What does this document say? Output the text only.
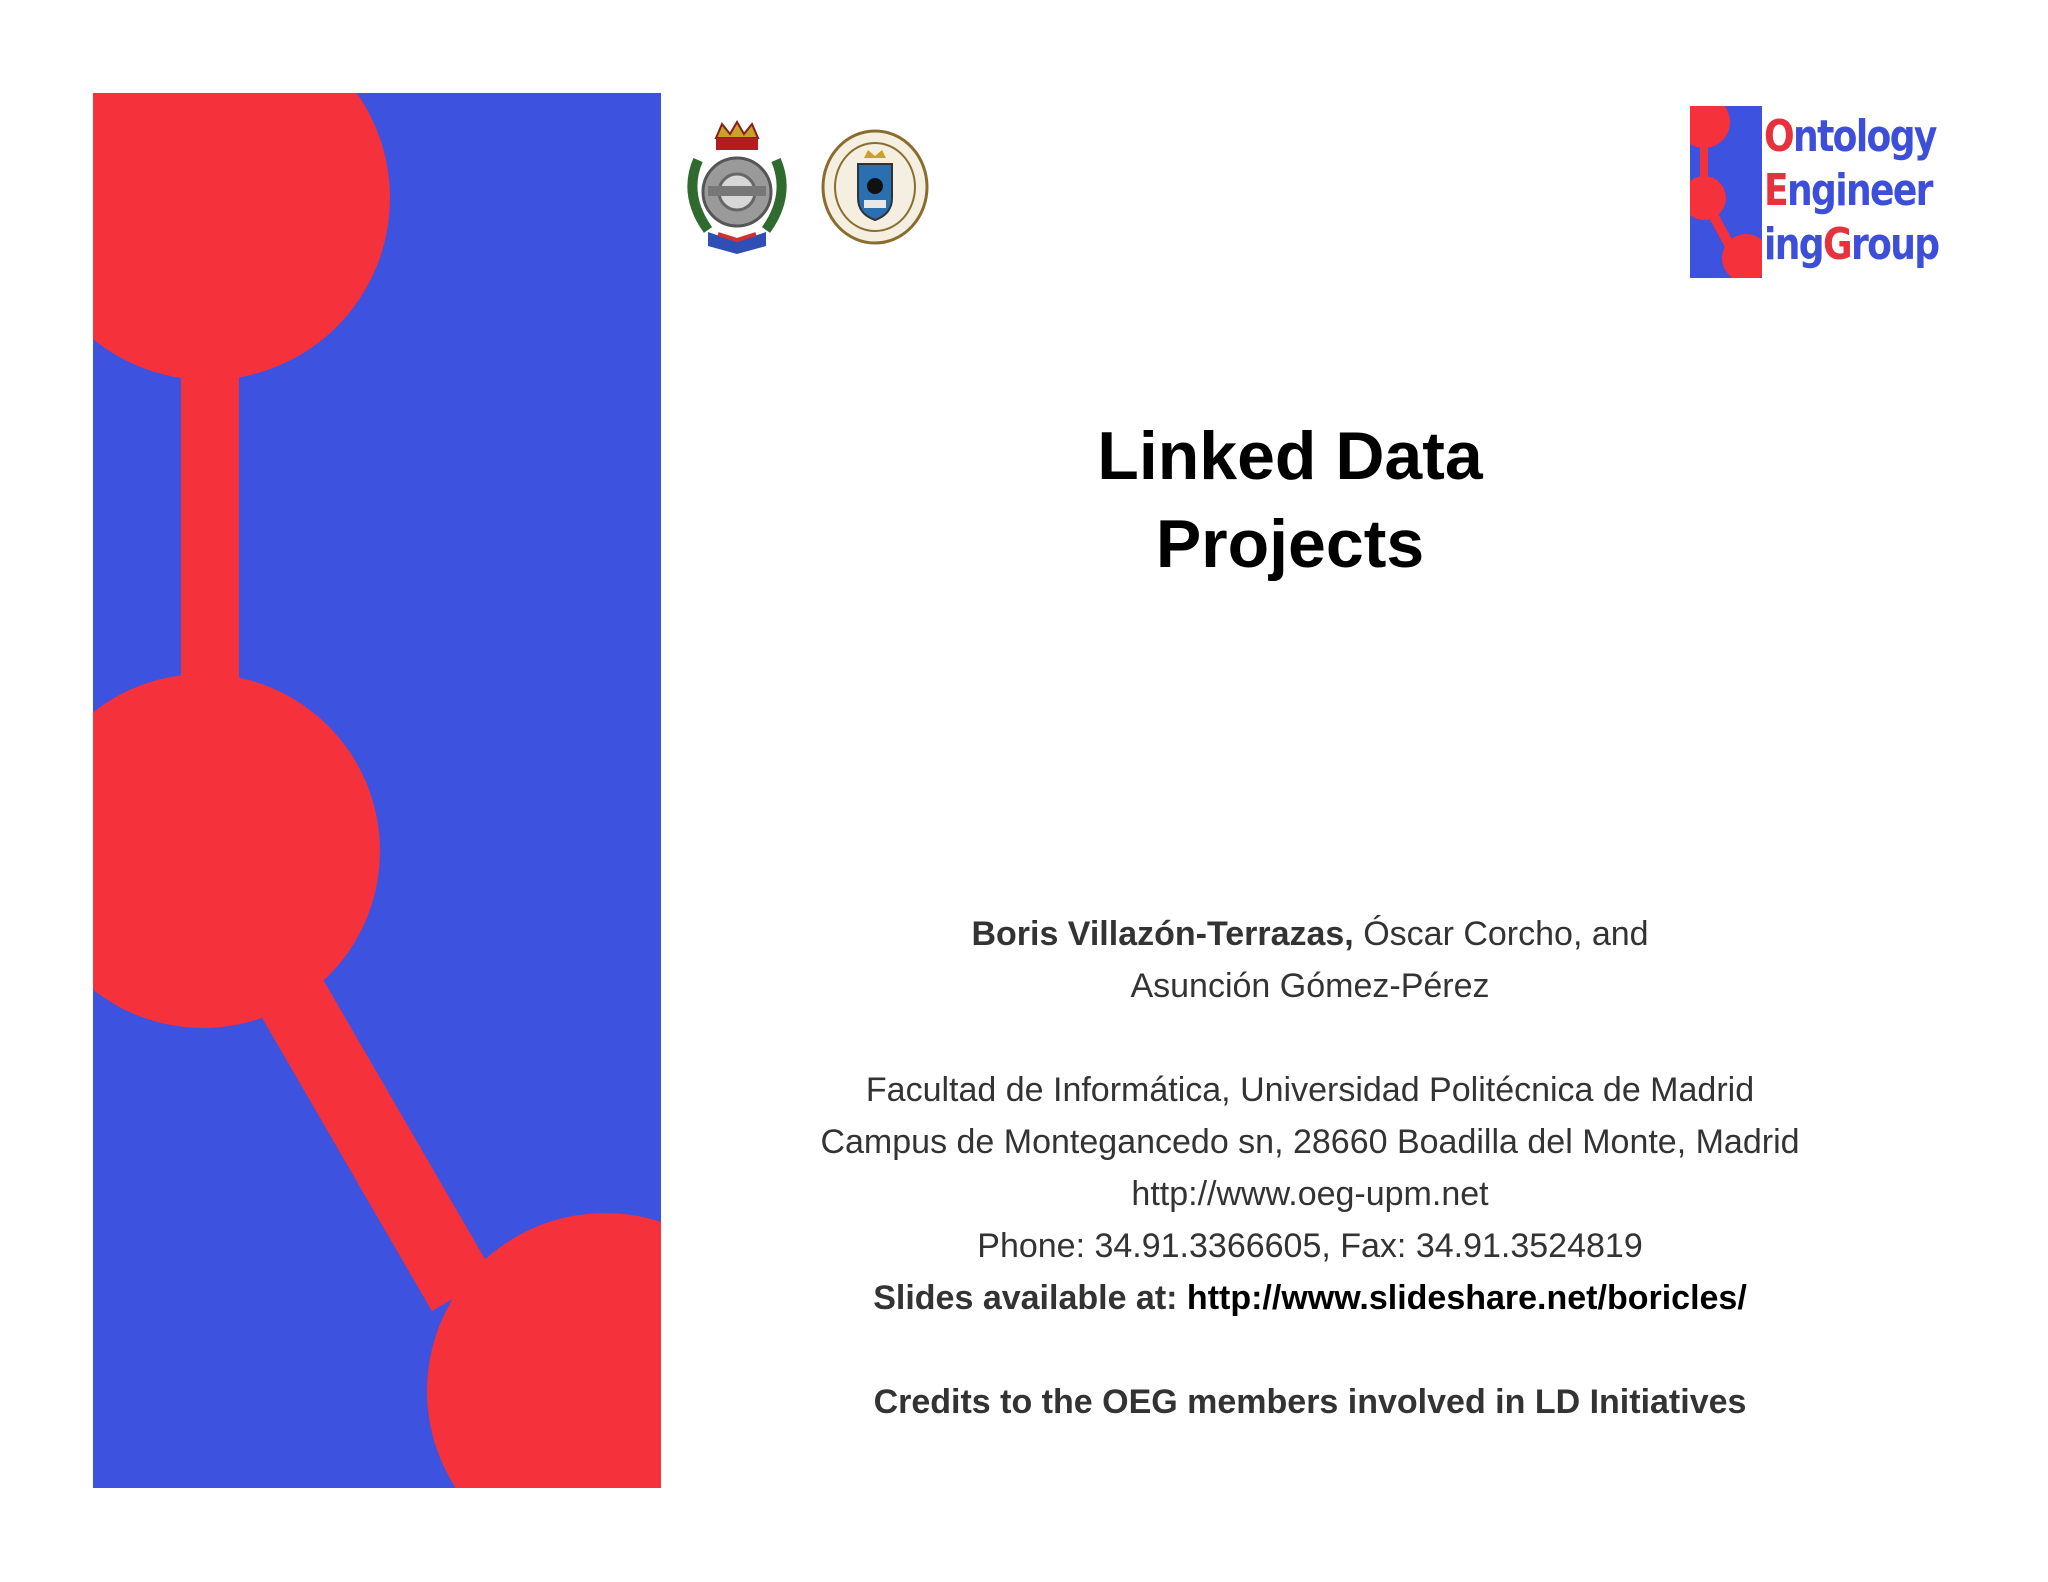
Ontology
Engineer
ingGroup
Linked Data
Projects
Boris Villazón-Terrazas, Óscar Corcho, and
Asunción Gómez-Pérez
Facultad de Informática, Universidad Politécnica de Madrid
Campus de Montegancedo sn, 28660 Boadilla del Monte, Madrid
http://www.oeg-upm.net
Phone: 34.91.3366605, Fax: 34.91.3524819
Slides available at: http://www.slideshare.net/boricles/
Credits to the OEG members involved in LD Initiatives
